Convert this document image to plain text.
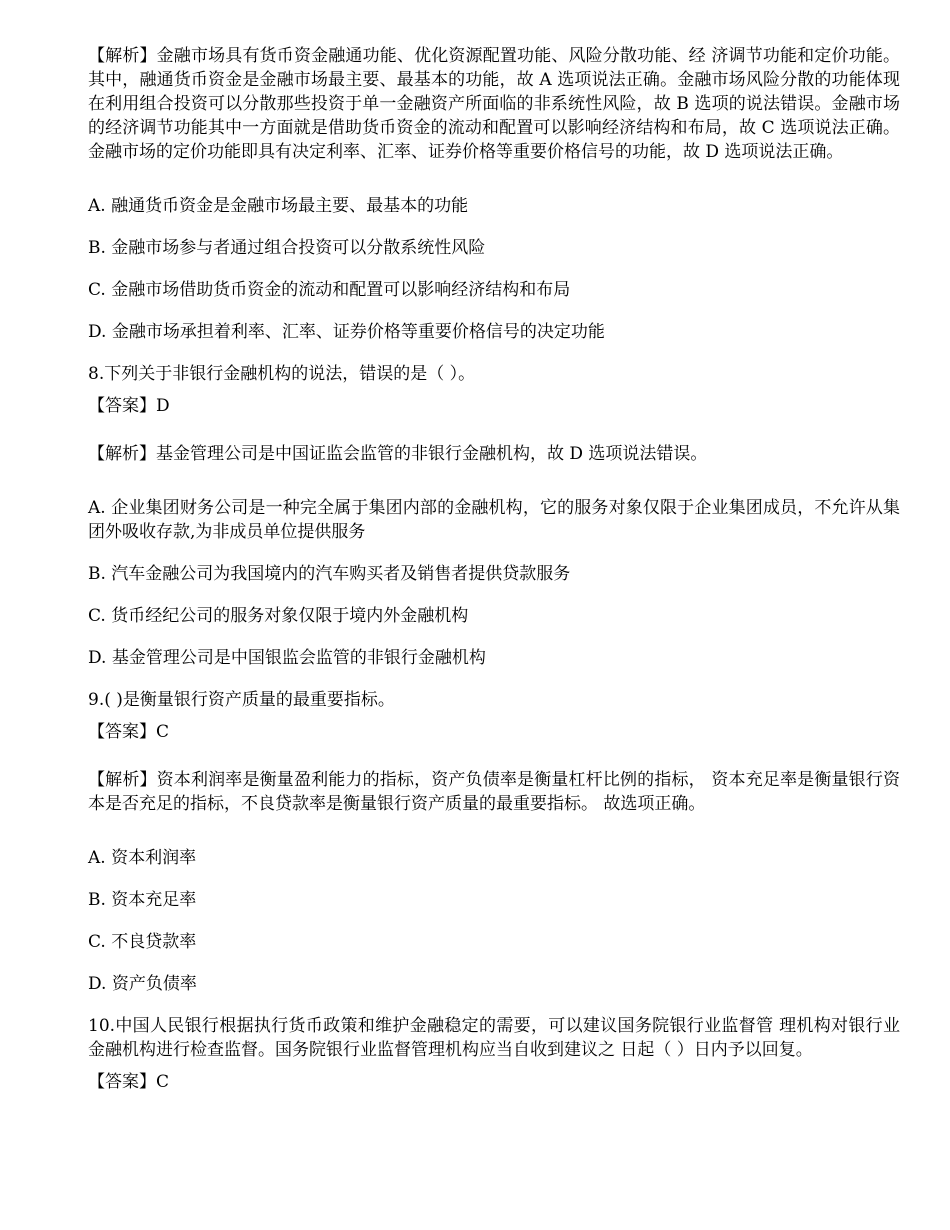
【解析】金融市场具有货币资金融通功能、优化资源配置功能、风险分散功能、经 济调节功能和定价功能。其中，融通货币资金是金融市场最主要、最基本的功能，故 A 选项说法正确。金融市场风险分散的功能体现在利用组合投资可以分散那些投资于单一金融资产所面临的非系统性风险，故 B 选项的说法错误。金融市场的经济调节功能其中一方面就是借助货币资金的流动和配置可以影响经济结构和布局，故 C 选项说法正确。金融市场的定价功能即具有决定利率、汇率、证券价格等重要价格信号的功能，故 D 选项说法正确。

A. 融通货币资金是金融市场最主要、最基本的功能

B. 金融市场参与者通过组合投资可以分散系统性风险

C. 金融市场借助货币资金的流动和配置可以影响经济结构和布局

D. 金融市场承担着利率、汇率、证券价格等重要价格信号的决定功能

8.下列关于非银行金融机构的说法，错误的是（ ）。

【答案】D

【解析】基金管理公司是中国证监会监管的非银行金融机构，故 D 选项说法错误。

A. 企业集团财务公司是一种完全属于集团内部的金融机构，它的服务对象仅限于企业集团成员，不允许从集团外吸收存款,为非成员单位提供服务

B. 汽车金融公司为我国境内的汽车购买者及销售者提供贷款服务

C. 货币经纪公司的服务对象仅限于境内外金融机构

D. 基金管理公司是中国银监会监管的非银行金融机构

9.( )是衡量银行资产质量的最重要指标。

【答案】C

【解析】资本利润率是衡量盈利能力的指标，资产负债率是衡量杠杆比例的指标， 资本充足率是衡量银行资本是否充足的指标，不良贷款率是衡量银行资产质量的最重要指标。 故选项正确。

A. 资本利润率

B. 资本充足率

C. 不良贷款率

D. 资产负债率

10.中国人民银行根据执行货币政策和维护金融稳定的需要，可以建议国务院银行业监督管 理机构对银行业金融机构进行检查监督。国务院银行业监督管理机构应当自收到建议之 日起（ ）日内予以回复。

【答案】C
